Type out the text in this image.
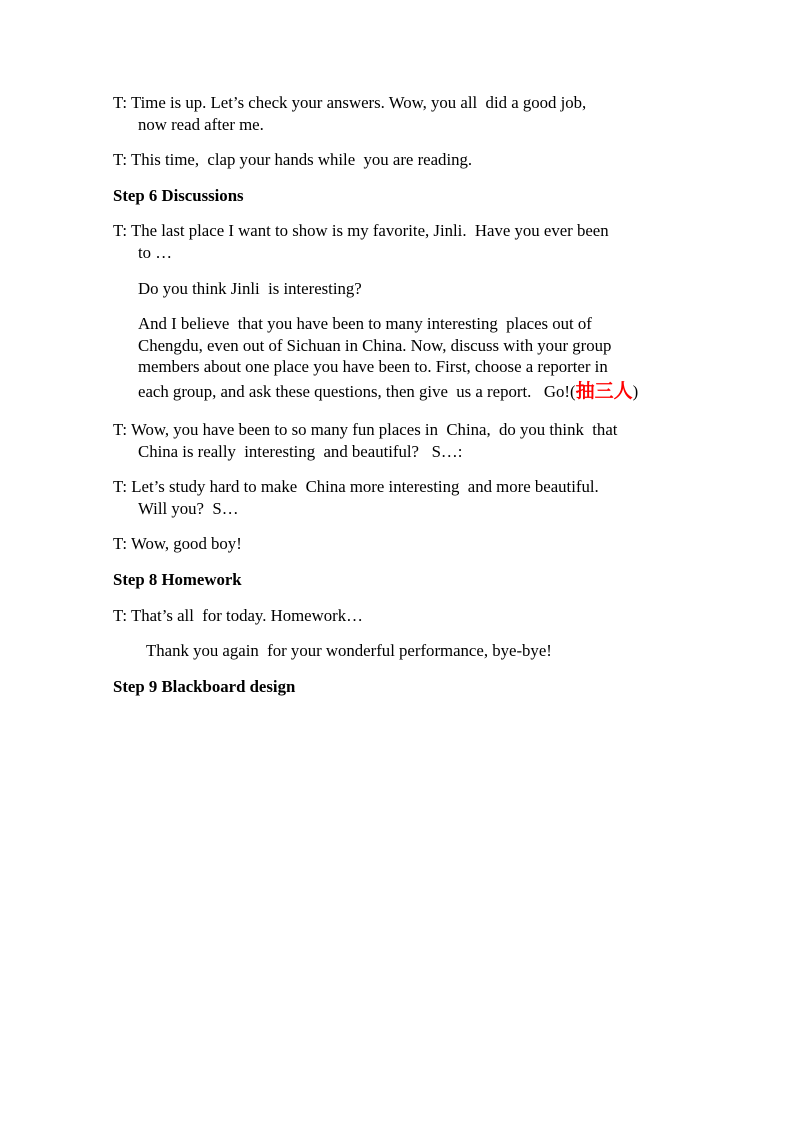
T: Time is up. Let’s check your answers. Wow, you all  did a good job,
now read after me.
T: This time,  clap your hands while  you are reading.
Step 6 Discussions
T: The last place I want to show is my favorite, Jinli.  Have you ever been
to …
Do you think Jinli  is interesting?
And I believe  that you have been to many interesting  places out of
Chengdu, even out of Sichuan in China. Now, discuss with your group
members about one place you have been to. First, choose a reporter in
each group, and ask these questions, then give  us a report.   Go!(抽三人)
T: Wow, you have been to so many fun places in  China,  do you think  that
China is really  interesting  and beautiful?   S…:
T: Let’s study hard to make  China more interesting  and more beautiful.
Will you?  S…
T: Wow, good boy!
Step 8 Homework
T: That’s all  for today. Homework…
Thank you again  for your wonderful performance, bye-bye!
Step 9 Blackboard design
